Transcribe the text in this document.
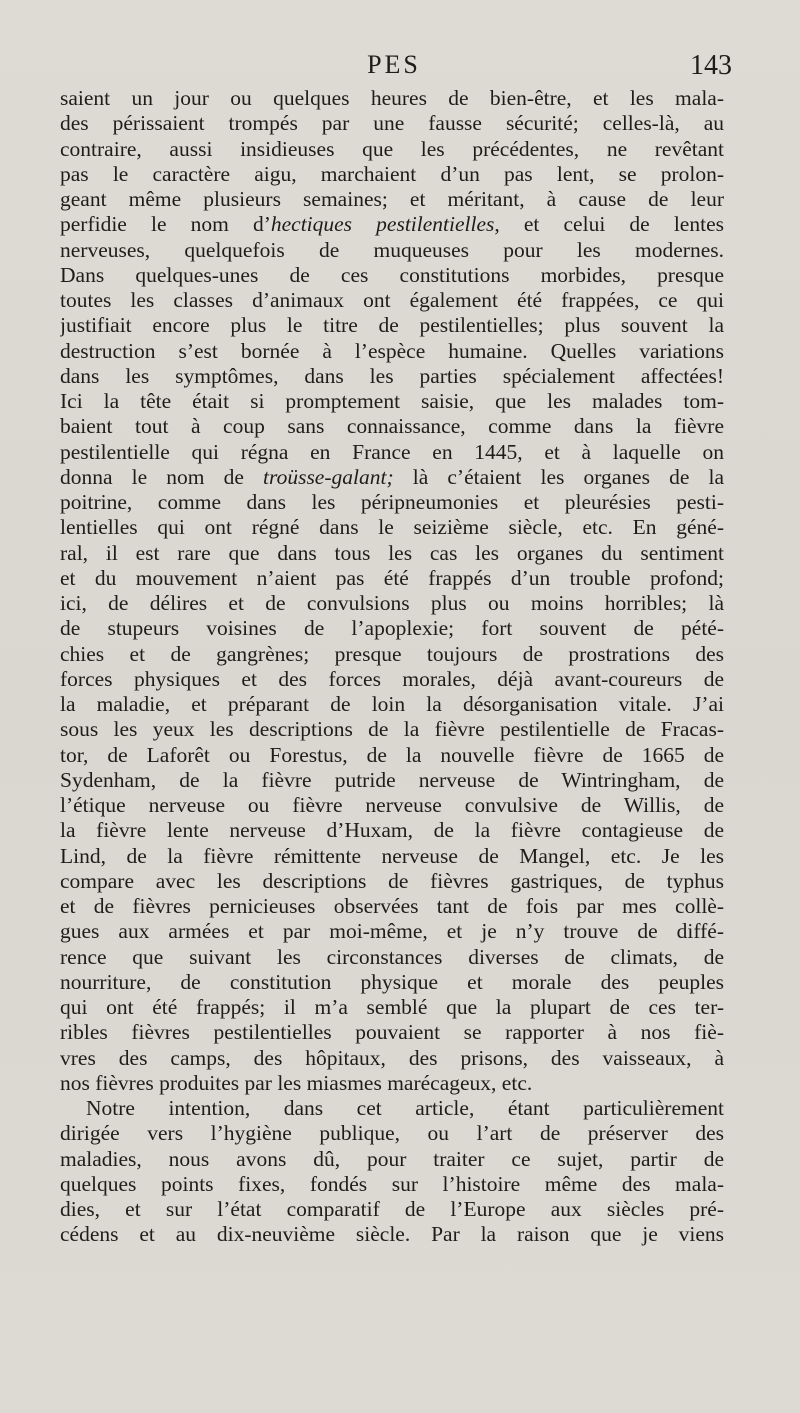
PES	143
saient un jour ou quelques heures de bien-être, et les mala-
des périssaient trompés par une fausse sécurité; celles-là, au
contraire, aussi insidieuses que les précédentes, ne revêtant
pas le caractère aigu, marchaient d’un pas lent, se prolon-
geant même plusieurs semaines; et méritant, à cause de leur
perfidie le nom d’hectiques pestilentielles, et celui de lentes
nerveuses, quelquefois de muqueuses pour les modernes.
Dans quelques-unes de ces constitutions morbides, presque
toutes les classes d’animaux ont également été frappées, ce qui
justifiait encore plus le titre de pestilentielles; plus souvent la
destruction s’est bornée à l’espèce humaine. Quelles variations
dans les symptômes, dans les parties spécialement affectées!
Ici la tête était si promptement saisie, que les malades tom-
baient tout à coup sans connaissance, comme dans la fièvre
pestilentielle qui régna en France en 1445, et à laquelle on
donna le nom de troüsse-galant; là c’étaient les organes de la
poitrine, comme dans les péripneumonies et pleurésies pesti-
lentielles qui ont régné dans le seizième siècle, etc. En géné-
ral, il est rare que dans tous les cas les organes du sentiment
et du mouvement n’aient pas été frappés d’un trouble profond;
ici, de délires et de convulsions plus ou moins horribles; là
de stupeurs voisines de l’apoplexie; fort souvent de pété-
chies et de gangrènes; presque toujours de prostrations des
forces physiques et des forces morales, déjà avant-coureurs de
la maladie, et préparant de loin la désorganisation vitale. J’ai
sous les yeux les descriptions de la fièvre pestilentielle de Fracas-
tor, de Laforêt ou Forestus, de la nouvelle fièvre de 1665 de
Sydenham, de la fièvre putride nerveuse de Wintringham, de
l’étique nerveuse ou fièvre nerveuse convulsive de Willis, de
la fièvre lente nerveuse d’Huxam, de la fièvre contagieuse de
Lind, de la fièvre rémittente nerveuse de Mangel, etc. Je les
compare avec les descriptions de fièvres gastriques, de typhus
et de fièvres pernicieuses observées tant de fois par mes collè-
gues aux armées et par moi-même, et je n’y trouve de diffé-
rence que suivant les circonstances diverses de climats, de
nourriture, de constitution physique et morale des peuples
qui ont été frappés; il m’a semblé que la plupart de ces ter-
ribles fièvres pestilentielles pouvaient se rapporter à nos fiè-
vres des camps, des hôpitaux, des prisons, des vaisseaux, à
nos fièvres produites par les miasmes marécageux, etc.
Notre intention, dans cet article, étant particulièrement
dirigée vers l’hygiène publique, ou l’art de préserver des
maladies, nous avons dû, pour traiter ce sujet, partir de
quelques points fixes, fondés sur l’histoire même des mala-
dies, et sur l’état comparatif de l’Europe aux siècles pré-
cédens et au dix-neuvième siècle. Par la raison que je viens
